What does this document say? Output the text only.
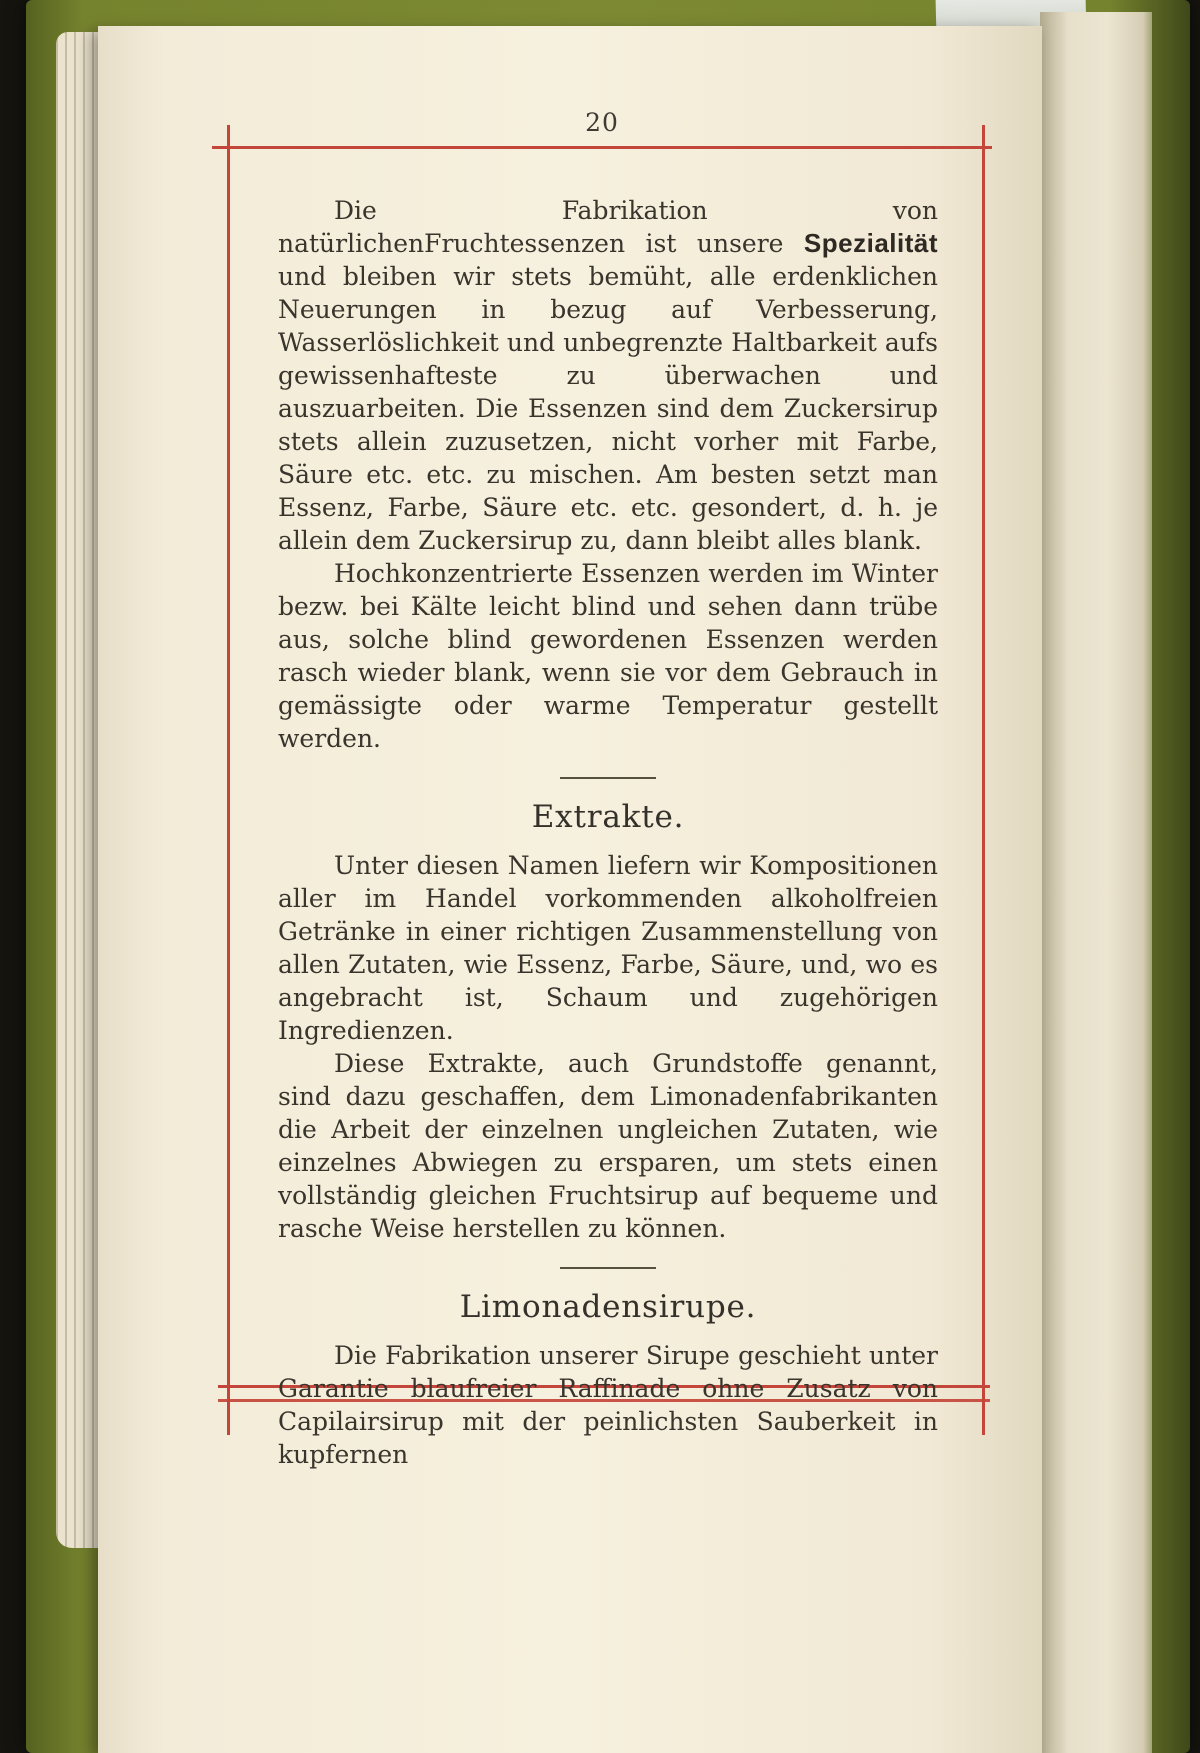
20

Die Fabrikation von natürlichenFruchtessenzen ist unsere Spezialität und bleiben wir stets bemüht, alle erdenklichen Neuerungen in bezug auf Verbesserung, Wasserlöslichkeit und unbegrenzte Haltbarkeit aufs gewissenhafteste zu überwachen und auszuarbeiten. Die Essenzen sind dem Zuckersirup stets allein zuzusetzen, nicht vorher mit Farbe, Säure etc. etc. zu mischen. Am besten setzt man Essenz, Farbe, Säure etc. etc. gesondert, d. h. je allein dem Zuckersirup zu, dann bleibt alles blank.

Hochkonzentrierte Essenzen werden im Winter bezw. bei Kälte leicht blind und sehen dann trübe aus, solche blind gewordenen Essenzen werden rasch wieder blank, wenn sie vor dem Gebrauch in gemässigte oder warme Temperatur gestellt werden.

Extrakte.

Unter diesen Namen liefern wir Kompositionen aller im Handel vorkommenden alkoholfreien Getränke in einer richtigen Zusammenstellung von allen Zutaten, wie Essenz, Farbe, Säure, und, wo es angebracht ist, Schaum und zugehörigen Ingredienzen.

Diese Extrakte, auch Grundstoffe genannt, sind dazu geschaffen, dem Limonadenfabrikanten die Arbeit der einzelnen ungleichen Zutaten, wie einzelnes Abwiegen zu ersparen, um stets einen vollständig gleichen Fruchtsirup auf bequeme und rasche Weise herstellen zu können.

Limonadensirupe.

Die Fabrikation unserer Sirupe geschieht unter Garantie blaufreier Raffinade ohne Zusatz von Capilairsirup mit der peinlichsten Sauberkeit in kupfernen
